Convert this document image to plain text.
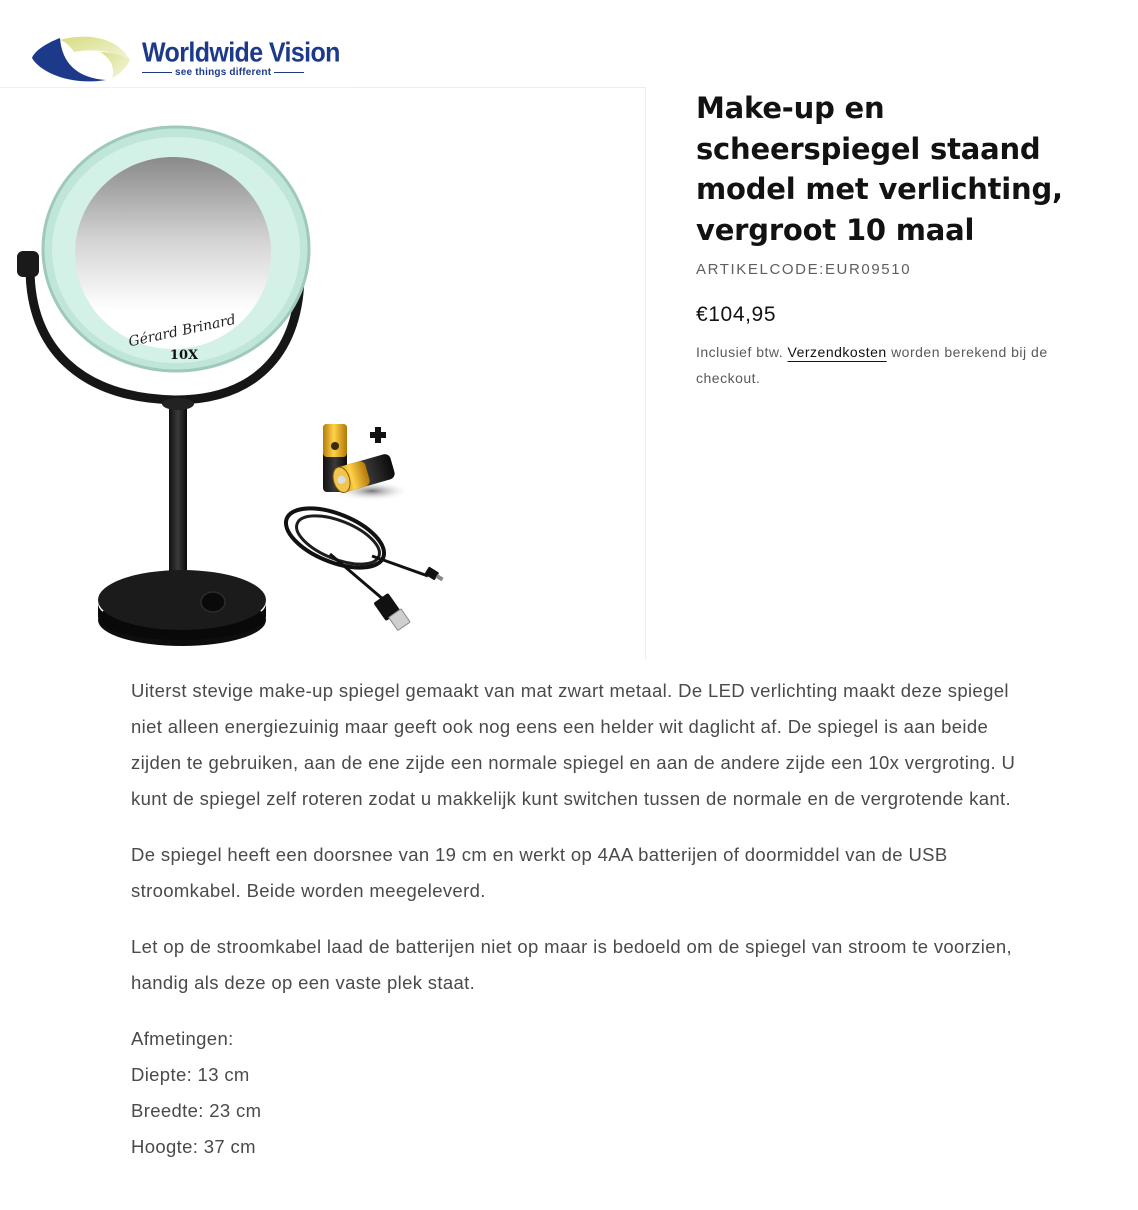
Worldwide Vision
see things different
Gérard Brinard
10X
Make-up en scheerspiegel staand model met verlichting, vergroot 10 maal
ARTIKELCODE:EUR09510
€104,95
Inclusief btw. Verzendkosten worden berekend bij de checkout.

Uiterst stevige make-up spiegel gemaakt van mat zwart metaal. De LED verlichting maakt deze spiegel niet alleen energiezuinig maar geeft ook nog eens een helder wit daglicht af. De spiegel is aan beide zijden te gebruiken, aan de ene zijde een normale spiegel en aan de andere zijde een 10x vergroting. U kunt de spiegel zelf roteren zodat u makkelijk kunt switchen tussen de normale en de vergrotende kant.

De spiegel heeft een doorsnee van 19 cm en werkt op 4AA batterijen of doormiddel van de USB stroomkabel. Beide worden meegeleverd.

Let op de stroomkabel laad de batterijen niet op maar is bedoeld om de spiegel van stroom te voorzien, handig als deze op een vaste plek staat.

Afmetingen:

Diepte: 13 cm

Breedte: 23 cm

Hoogte: 37 cm
